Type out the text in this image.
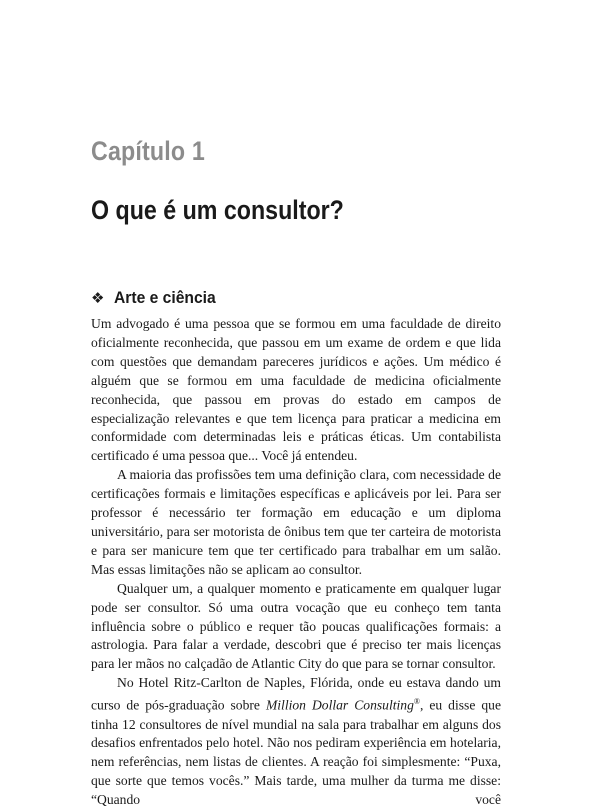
Capítulo 1
O que é um consultor?
❖ Arte e ciência

Um advogado é uma pessoa que se formou em uma faculdade de direito oficialmente reconhecida, que passou em um exame de ordem e que lida com questões que demandam pareceres jurídicos e ações. Um médico é alguém que se formou em uma faculdade de medicina oficialmente reconhecida, que passou em provas do estado em campos de especialização relevantes e que tem licença para praticar a medicina em conformidade com determinadas leis e práticas éticas. Um contabilista certificado é uma pessoa que... Você já entendeu.

A maioria das profissões tem uma definição clara, com necessidade de certificações formais e limitações específicas e aplicáveis por lei. Para ser professor é necessário ter formação em educação e um diploma universitário, para ser motorista de ônibus tem que ter carteira de motorista e para ser manicure tem que ter certificado para trabalhar em um salão. Mas essas limitações não se aplicam ao consultor.

Qualquer um, a qualquer momento e praticamente em qualquer lugar pode ser consultor. Só uma outra vocação que eu conheço tem tanta influência sobre o público e requer tão poucas qualificações formais: a astrologia. Para falar a verdade, descobri que é preciso ter mais licenças para ler mãos no calçadão de Atlantic City do que para se tornar consultor.

No Hotel Ritz-Carlton de Naples, Flórida, onde eu estava dando um curso de pós-graduação sobre Million Dollar Consulting®, eu disse que tinha 12 consultores de nível mundial na sala para trabalhar em alguns dos desafios enfrentados pelo hotel. Não nos pediram experiência em hotelaria, nem referências, nem listas de clientes. A reação foi simplesmente: “Puxa, que sorte que temos vocês.” Mais tarde, uma mulher da turma me disse: “Quando você
